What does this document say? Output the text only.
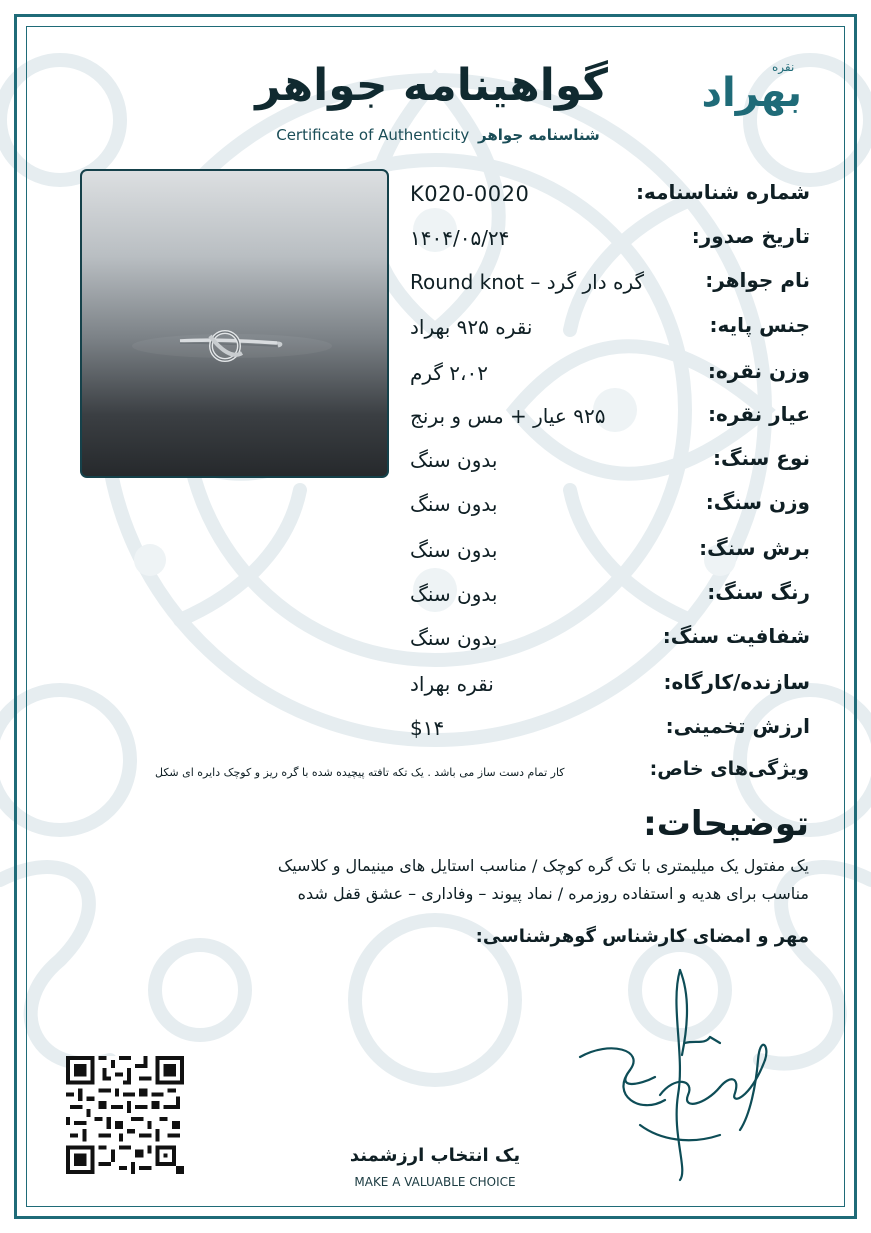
گواهینامه جواهر
Certificate of Authenticity شناسنامه جواهر
نقره
بهراد
شماره شناسنامه:
K020-0020
تاریخ صدور:
۱۴۰۴/۰۵/۲۴
نام جواهر:
Round knot – گره دار گرد
جنس پایه:
نقره ۹۲۵ بهراد
وزن نقره:
۲،۰۲ گرم
عیار نقره:
۹۲۵ عیار + مس و برنج
نوع سنگ:
بدون سنگ
وزن سنگ:
بدون سنگ
برش سنگ:
بدون سنگ
رنگ سنگ:
بدون سنگ
شفافیت سنگ:
بدون سنگ
سازنده/کارگاه:
نقره بهراد
ارزش تخمینی:
$۱۴
ویژگی‌های خاص:
کار تمام دست ساز می باشد . یک تکه تافته پیچیده شده با گره ریز و کوچک دایره ای شکل
توضیحات:
یک مفتول یک میلیمتری با تک گره کوچک / مناسب استایل های مینیمال و کلاسیک
مناسب برای هدیه و استفاده روزمره / نماد پیوند – وفاداری – عشق قفل شده
مهر و امضای کارشناس گوهرشناسی:
یک انتخاب ارزشمند
MAKE A VALUABLE CHOICE
